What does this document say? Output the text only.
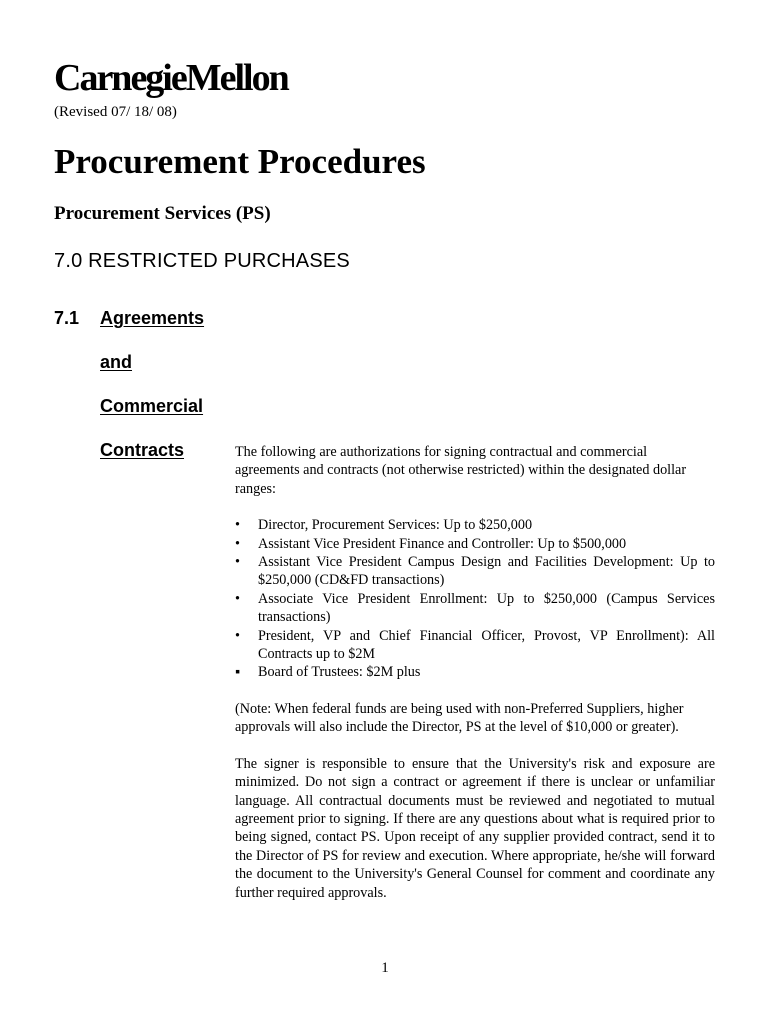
CarnegieMellon
(Revised 07/ 18/ 08)
Procurement Procedures
Procurement Services (PS)
7.0 RESTRICTED PURCHASES
7.1 Agreements
and
Commercial
Contracts	The following are authorizations for signing contractual and commercial agreements and contracts (not otherwise restricted) within the designated dollar ranges:

•	Director, Procurement Services: Up to $250,000
•	Assistant Vice President Finance and Controller: Up to $500,000
•	Assistant Vice President Campus Design and Facilities Development: Up to $250,000 (CD&FD transactions)
•	Associate Vice President Enrollment: Up to $250,000 (Campus Services transactions)
•	President, VP and Chief Financial Officer, Provost, VP Enrollment): All Contracts up to $2M
▪	Board of Trustees: $2M plus

(Note: When federal funds are being used with non-Preferred Suppliers, higher approvals will also include the Director, PS at the level of $10,000 or greater).

The signer is responsible to ensure that the University's risk and exposure are minimized. Do not sign a contract or agreement if there is unclear or unfamiliar language. All contractual documents must be reviewed and negotiated to mutual agreement prior to signing. If there are any questions about what is required prior to being signed, contact PS. Upon receipt of any supplier provided contract, send it to the Director of PS for review and execution. Where appropriate, he/she will forward the document to the University's General Counsel for comment and coordinate any further required approvals.

1
